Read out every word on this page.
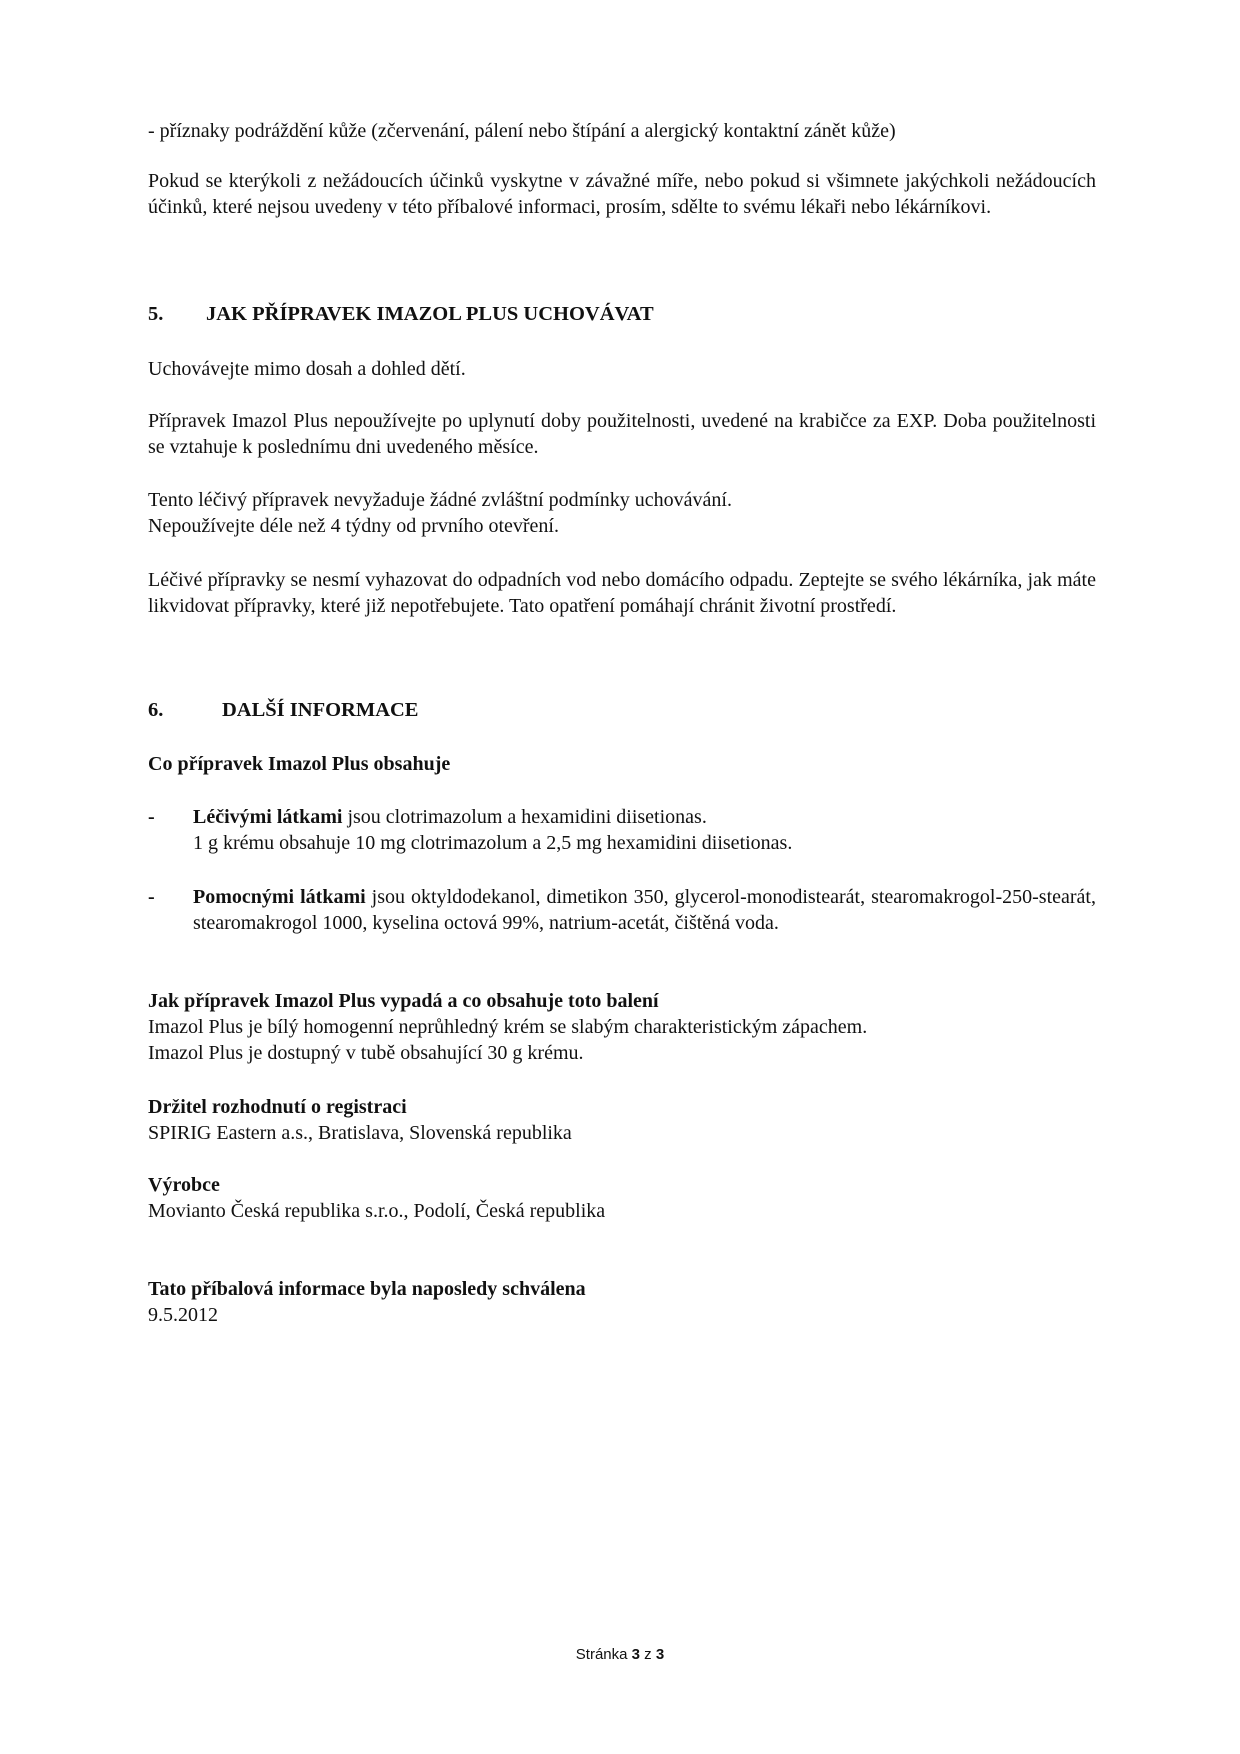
- příznaky podráždění kůže (zčervenání, pálení nebo štípání a alergický kontaktní zánět kůže)

Pokud se kterýkoli z nežádoucích účinků vyskytne v závažné míře, nebo pokud si všimnete jakýchkoli nežádoucích účinků, které nejsou uvedeny v této příbalové informaci, prosím, sdělte to svému lékaři nebo lékárníkovi.

5. JAK PŘÍPRAVEK IMAZOL PLUS UCHOVÁVAT

Uchovávejte mimo dosah a dohled dětí.

Přípravek Imazol Plus nepoužívejte po uplynutí doby použitelnosti, uvedené na krabičce za EXP. Doba použitelnosti se vztahuje k poslednímu dni uvedeného měsíce.

Tento léčivý přípravek nevyžaduje žádné zvláštní podmínky uchovávání.

Nepoužívejte déle než 4 týdny od prvního otevření.

Léčivé přípravky se nesmí vyhazovat do odpadních vod nebo domácího odpadu. Zeptejte se svého lékárníka, jak máte likvidovat přípravky, které již nepotřebujete. Tato opatření pomáhají chránit životní prostředí.

6.	DALŠÍ INFORMACE

Co přípravek Imazol Plus obsahuje

- Léčivými látkami jsou clotrimazolum a hexamidini diisetionas.

1 g krému obsahuje 10 mg clotrimazolum a 2,5 mg hexamidini diisetionas.

- Pomocnými látkami jsou oktyldodekanol, dimetikon 350, glycerol-monodistearát, stearomakrogol-250-stearát, stearomakrogol 1000, kyselina octová 99%, natrium-acetát, čištěná voda.

Jak přípravek Imazol Plus vypadá a co obsahuje toto balení

Imazol Plus je bílý homogenní neprůhledný krém se slabým charakteristickým zápachem.

Imazol Plus je dostupný v tubě obsahující 30 g krému.

Držitel rozhodnutí o registraci

SPIRIG Eastern a.s., Bratislava, Slovenská republika

Výrobce

Movianto Česká republika s.r.o., Podolí, Česká republika

Tato příbalová informace byla naposledy schválena

9.5.2012

Stránka 3 z 3
